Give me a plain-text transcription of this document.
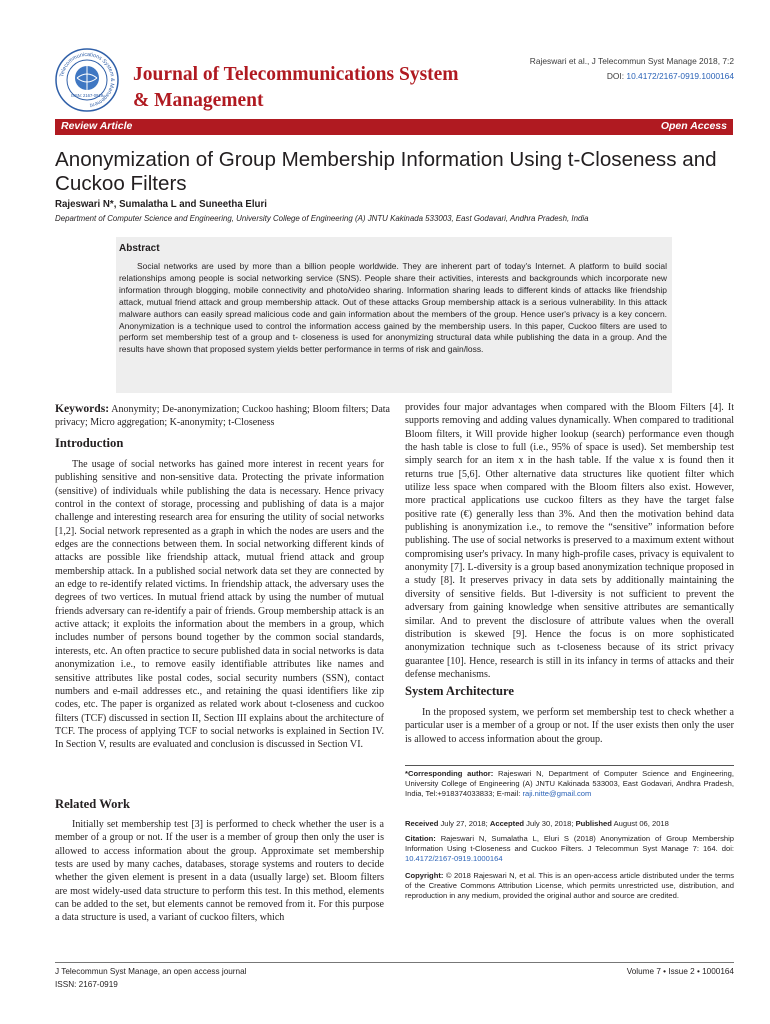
Telecommunications System & Management
ISSN: 2167-0919
Journal of Telecommunications System & Management
Rajeswari et al., J Telecommun Syst Manage 2018, 7:2
DOI: 10.4172/2167-0919.1000164
Review Article	Open Access
Anonymization of Group Membership Information Using t-Closeness and Cuckoo Filters
Rajeswari N*, Sumalatha L and Suneetha Eluri
Department of Computer Science and Engineering, University College of Engineering (A) JNTU Kakinada 533003, East Godavari, Andhra Pradesh, India
Abstract
Social networks are used by more than a billion people worldwide. They are inherent part of today's Internet. A platform to build social relationships among people is social networking service (SNS). People share their activities, interests and backgrounds which incorporate new information through blogging, mobile connectivity and photo/video sharing. Information sharing leads to different kinds of attacks like friendship attack, mutual friend attack and group membership attack. Out of these attacks Group membership attack is a serious vulnerability. In this attack malware authors can easily spread malicious code and gain information about the members of the group. Hence user's privacy is a key concern. Anonymization is a technique used to control the information access gained by the membership users. In this paper, Cuckoo filters are used to perform set membership test of a group and t- closeness is used for anonymizing structural data while publishing the data in a group. And the results have shown that proposed system yields better performance in terms of risk and gain/loss.
Keywords: Anonymity; De-anonymization; Cuckoo hashing; Bloom filters; Data privacy; Micro aggregation; K-anonymity; t-Closeness
Introduction

The usage of social networks has gained more interest in recent years for publishing sensitive and non-sensitive data. Protecting the private information (sensitive) of individuals while publishing the data is necessary. Hence privacy control in the context of storage, processing and publishing of data is a major challenge and interesting research area for ensuring the utility of social networks [1,2]. Social network represented as a graph in which the nodes are users and the edges are the connections between them. In social networking different kinds of attacks are possible like friendship attack, mutual friend attack and group membership attack. In a published social network data set they are connected by an edge to re-identify related victims. In friendship attack, the adversary uses the degrees of two vertices. In mutual friend attack by using the number of mutual friends adversary can re-identify a pair of friends. Group membership attack is an active attack; it exploits the information about the members in a group, which includes number of persons bound together by the common social standards, interests, etc. An often practice to secure published data in social networks is data anonymization i.e., to remove easily identifiable attributes like names and sensitive attributes like postal codes, social security numbers (SSN), contact numbers and e-mail addresses etc., and retaining the quasi identifiers like zip codes, etc. The paper is organized as related work about t-closeness and cuckoo filters (TCF) discussed in section II, Section III explains about the architecture of TCF. The process of applying TCF to social networks is explained in Section IV. In Section V, results are evaluated and conclusion is discussed in Section VI.

Related Work

Initially set membership test [3] is performed to check whether the user is a member of a group or not. If the user is a member of group then only the user is allowed to access information about the group. Approximate set membership tests are used by many caches, databases, storage systems and routers to decide whether the given element is present in a data (usually large) set. Bloom filters are most widely-used data structure to perform this test. In this method, elements can be added to the set, but elements cannot be removed from it. For this purpose a data structure is used, a variant of cuckoo filters, which

provides four major advantages when compared with the Bloom Filters [4]. It supports removing and adding values dynamically. When compared to traditional Bloom filters, it Will provide higher lookup (search) performance even though the hash table is close to full (i.e., 95% of space is used). Set membership test simply search for an item x in the hash table. If the value x is found then it returns true [5,6]. Other alternative data structures like quotient filter which utilize less space when compared with the Bloom filters also exist. However, more practical applications use cuckoo filters as they have the target false positive rate (€) generally less than 3%. And then the motivation behind data publishing is anonymization i.e., to remove the “sensitive” information before publishing. The use of social networks is preserved to a maximum extent without compromising user's privacy. In many high-profile cases, privacy is equivalent to anonymity [7]. L-diversity is a group based anonymization technique proposed in a study [8]. It preserves privacy in data sets by additionally maintaining the diversity of sensitive fields. But l-diversity is not sufficient to prevent the adversary from gaining knowledge when sensitive attributes are semantically similar. And to prevent the disclosure of attribute values when the overall distribution is skewed [9]. Hence the focus is on more sophisticated anonymization technique such as t-closeness because of its strict privacy guarantee [10]. Hence, research is still in its infancy in terms of attacks and their defense mechanisms.

System Architecture

In the proposed system, we perform set membership test to check whether a particular user is a member of a group or not. If the user exists then only the user is allowed to access information about the group.

*Corresponding author: Rajeswari N, Department of Computer Science and Engineering, University College of Engineering (A) JNTU Kakinada 533003, East Godavari, Andhra Pradesh, India, Tel:+918374033833; E-mail: raji.nitte@gmail.com
Received July 27, 2018; Accepted July 30, 2018; Published August 06, 2018
Citation: Rajeswari N, Sumalatha L, Eluri S (2018) Anonymization of Group Membership Information Using t-Closeness and Cuckoo Filters. J Telecommun Syst Manage 7: 164. doi: 10.4172/2167-0919.1000164
Copyright: © 2018 Rajeswari N, et al. This is an open-access article distributed under the terms of the Creative Commons Attribution License, which permits unrestricted use, distribution, and reproduction in any medium, provided the original author and source are credited.
J Telecommun Syst Manage, an open access journal
ISSN: 2167-0919
Volume 7 • Issue 2 • 1000164
